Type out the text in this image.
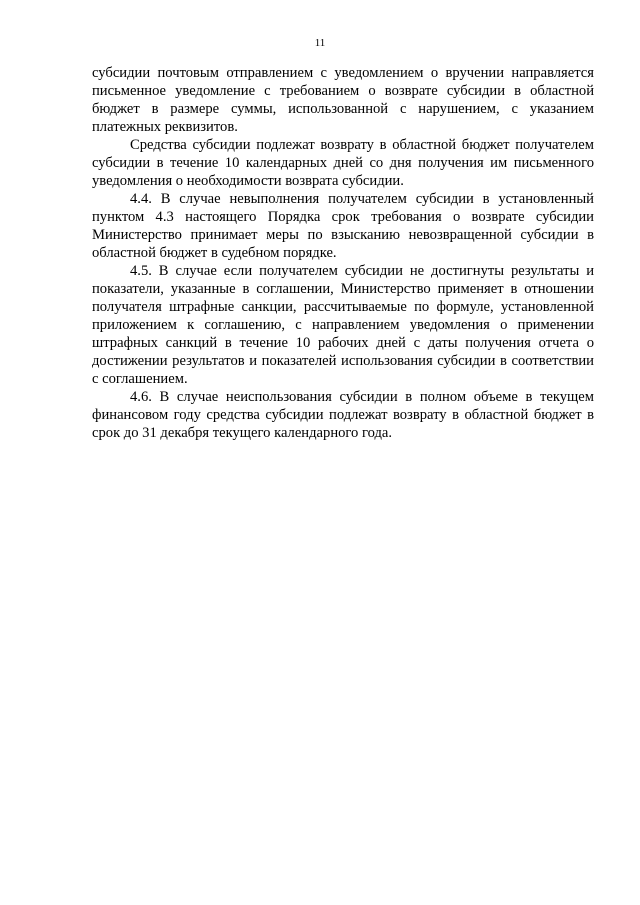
11

субсидии почтовым отправлением с уведомлением о вручении направляется письменное уведомление с требованием о возврате субсидии в областной бюджет в размере суммы, использованной с нарушением, с указанием платежных реквизитов.

Средства субсидии подлежат возврату в областной бюджет получателем субсидии в течение 10 календарных дней со дня получения им письменного уведомления о необходимости возврата субсидии.

4.4. В случае невыполнения получателем субсидии в установленный пунктом 4.3 настоящего Порядка срок требования о возврате субсидии Министерство принимает меры по взысканию невозвращенной субсидии в областной бюджет в судебном порядке.

4.5. В случае если получателем субсидии не достигнуты результаты и показатели, указанные в соглашении, Министерство применяет в отношении получателя штрафные санкции, рассчитываемые по формуле, установленной приложением к соглашению, с направлением уведомления о применении штрафных санкций в течение 10 рабочих дней с даты получения отчета о достижении результатов и показателей использования субсидии в соответствии с соглашением.

4.6. В случае неиспользования субсидии в полном объеме в текущем финансовом году средства субсидии подлежат возврату в областной бюджет в срок до 31 декабря текущего календарного года.
